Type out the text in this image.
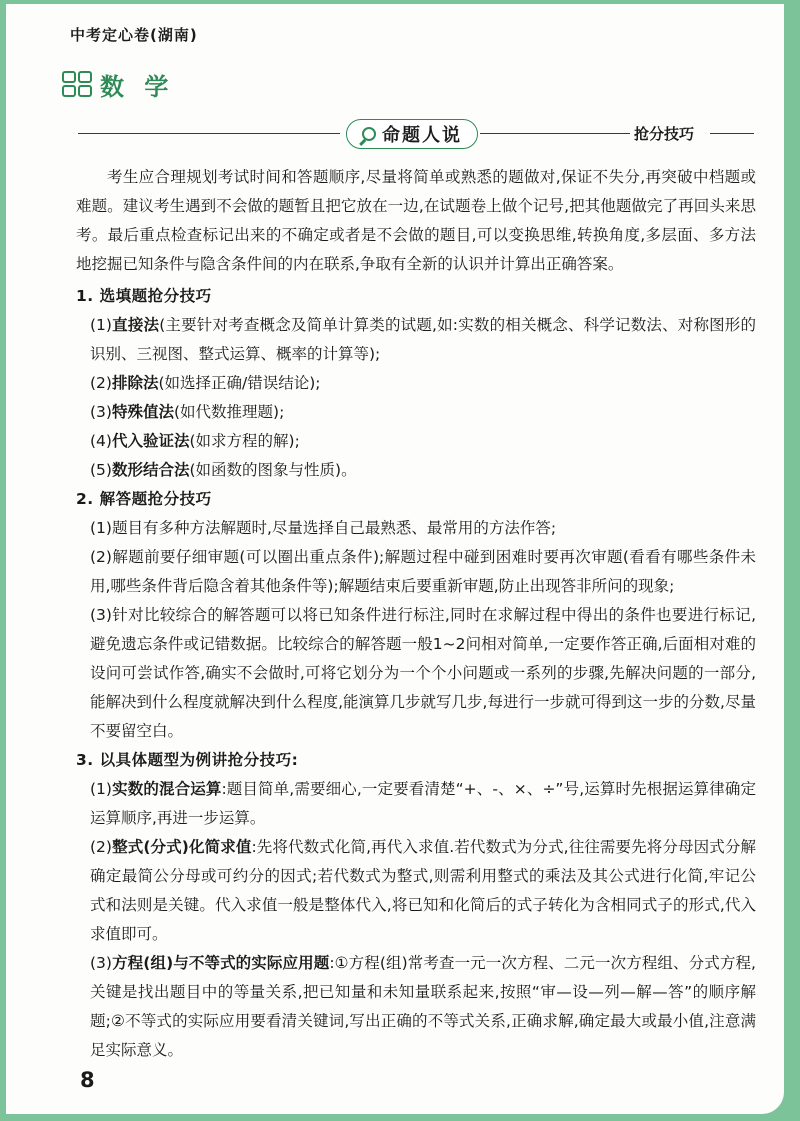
中考定心卷(湖南)
数 学
命题人说	抢分技巧

考生应合理规划考试时间和答题顺序,尽量将简单或熟悉的题做对,保证不失分,再突破中档题或难题。建议考生遇到不会做的题暂且把它放在一边,在试题卷上做个记号,把其他题做完了再回头来思考。最后重点检查标记出来的不确定或者是不会做的题目,可以变换思维,转换角度,多层面、多方法地挖掘已知条件与隐含条件间的内在联系,争取有全新的认识并计算出正确答案。

1. 选填题抢分技巧

(1)直接法(主要针对考查概念及简单计算类的试题,如:实数的相关概念、科学记数法、对称图形的识别、三视图、整式运算、概率的计算等);

(2)排除法(如选择正确/错误结论);

(3)特殊值法(如代数推理题);

(4)代入验证法(如求方程的解);

(5)数形结合法(如函数的图象与性质)。

2. 解答题抢分技巧

(1)题目有多种方法解题时,尽量选择自己最熟悉、最常用的方法作答;

(2)解题前要仔细审题(可以圈出重点条件);解题过程中碰到困难时要再次审题(看看有哪些条件未用,哪些条件背后隐含着其他条件等);解题结束后要重新审题,防止出现答非所问的现象;

(3)针对比较综合的解答题可以将已知条件进行标注,同时在求解过程中得出的条件也要进行标记,避免遗忘条件或记错数据。比较综合的解答题一般1~2问相对简单,一定要作答正确,后面相对难的设问可尝试作答,确实不会做时,可将它划分为一个个小问题或一系列的步骤,先解决问题的一部分,能解决到什么程度就解决到什么程度,能演算几步就写几步,每进行一步就可得到这一步的分数,尽量不要留空白。

3. 以具体题型为例讲抢分技巧:

(1)实数的混合运算:题目简单,需要细心,一定要看清楚“+、-、×、÷”号,运算时先根据运算律确定运算顺序,再进一步运算。

(2)整式(分式)化简求值:先将代数式化简,再代入求值.若代数式为分式,往往需要先将分母因式分解确定最简公分母或可约分的因式;若代数式为整式,则需利用整式的乘法及其公式进行化简,牢记公式和法则是关键。代入求值一般是整体代入,将已知和化简后的式子转化为含相同式子的形式,代入求值即可。

(3)方程(组)与不等式的实际应用题:①方程(组)常考查一元一次方程、二元一次方程组、分式方程,关键是找出题目中的等量关系,把已知量和未知量联系起来,按照“审—设—列—解—答”的顺序解题;②不等式的实际应用要看清关键词,写出正确的不等式关系,正确求解,确定最大或最小值,注意满足实际意义。

8
